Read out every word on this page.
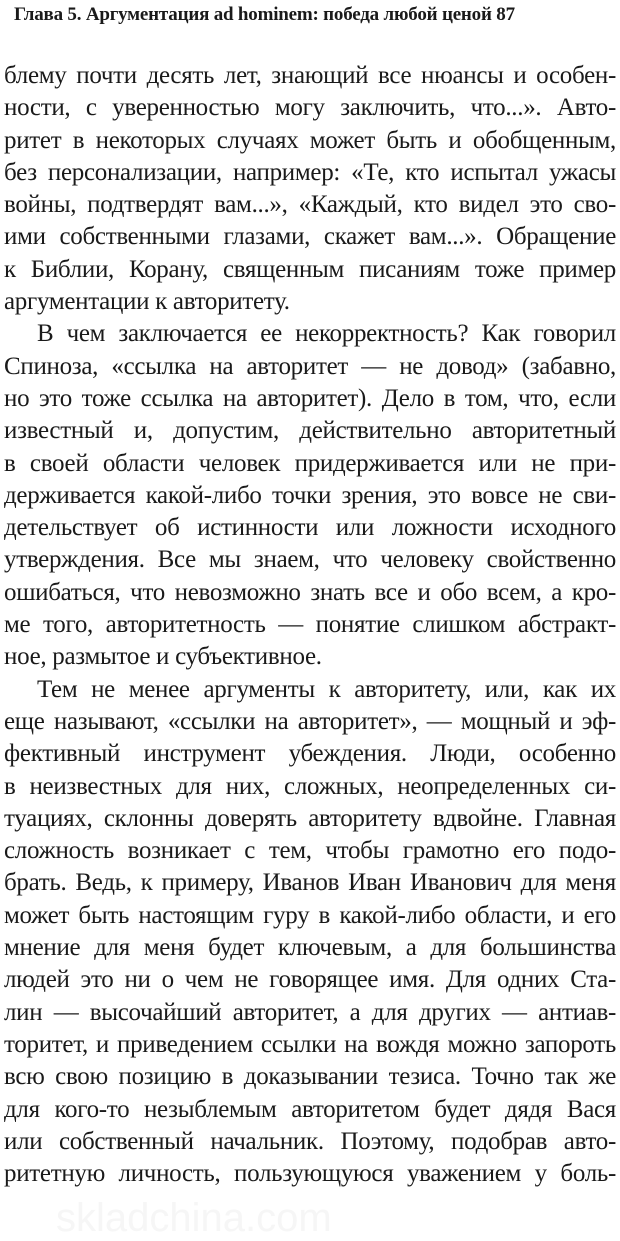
Глава 5. Аргументация ad hominem: победа любой ценой 87
блему почти десять лет, знающий все нюансы и особен-
ности, с уверенностью могу заключить, что...». Авто-
ритет в некоторых случаях может быть и обобщенным,
без персонализации, например: «Те, кто испытал ужасы
войны, подтвердят вам...», «Каждый, кто видел это сво-
ими собственными глазами, скажет вам...». Обращение
к Библии, Корану, священным писаниям тоже пример
аргументации к авторитету.
В чем заключается ее некорректность? Как говорил
Спиноза, «ссылка на авторитет — не довод» (забавно,
но это тоже ссылка на авторитет). Дело в том, что, если
известный и, допустим, действительно авторитетный
в своей области человек придерживается или не при-
держивается какой-либо точки зрения, это вовсе не сви-
детельствует об истинности или ложности исходного
утверждения. Все мы знаем, что человеку свойственно
ошибаться, что невозможно знать все и обо всем, а кро-
ме того, авторитетность — понятие слишком абстракт-
ное, размытое и субъективное.
Тем не менее аргументы к авторитету, или, как их
еще называют, «ссылки на авторитет», — мощный и эф-
фективный инструмент убеждения. Люди, особенно
в неизвестных для них, сложных, неопределенных си-
туациях, склонны доверять авторитету вдвойне. Главная
сложность возникает с тем, чтобы грамотно его подо-
брать. Ведь, к примеру, Иванов Иван Иванович для меня
может быть настоящим гуру в какой-либо области, и его
мнение для меня будет ключевым, а для большинства
людей это ни о чем не говорящее имя. Для одних Ста-
лин — высочайший авторитет, а для других — антиав-
торитет, и приведением ссылки на вождя можно запороть
всю свою позицию в доказывании тезиса. Точно так же
для кого-то незыблемым авторитетом будет дядя Вася
или собственный начальник. Поэтому, подобрав авто-
ритетную личность, пользующуюся уважением у боль-
skladchina.com
